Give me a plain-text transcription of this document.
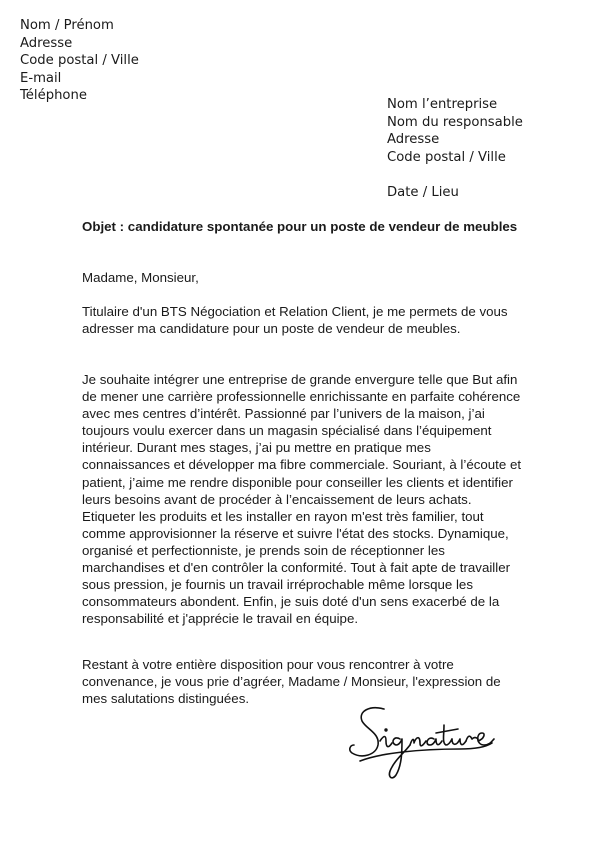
Nom / Prénom
Adresse
Code postal / Ville
E-mail
Téléphone
Nom l’entreprise
Nom du responsable
Adresse
Code postal / Ville
Date / Lieu
Objet : candidature spontanée pour un poste de vendeur de meubles
Madame, Monsieur,
Titulaire d'un BTS Négociation et Relation Client, je me permets de vous adresser ma candidature pour un poste de vendeur de meubles.
Je souhaite intégrer une entreprise de grande envergure telle que But afin de mener une carrière professionnelle enrichissante en parfaite cohérence avec mes centres d’intérêt. Passionné par l’univers de la maison, j’ai toujours voulu exercer dans un magasin spécialisé dans l’équipement intérieur. Durant mes stages, j’ai pu mettre en pratique mes connaissances et développer ma fibre commerciale. Souriant, à l’écoute et patient, j’aime me rendre disponible pour conseiller les clients et identifier leurs besoins avant de procéder à l’encaissement de leurs achats. Etiqueter les produits et les installer en rayon m'est très familier, tout comme approvisionner la réserve et suivre l'état des stocks. Dynamique, organisé et perfectionniste, je prends soin de réceptionner les marchandises et d'en contrôler la conformité. Tout à fait apte de travailler sous pression, je fournis un travail irréprochable même lorsque les consommateurs abondent. Enfin, je suis doté d'un sens exacerbé de la responsabilité et j'apprécie le travail en équipe.
Restant à votre entière disposition pour vous rencontrer à votre convenance, je vous prie d’agréer, Madame / Monsieur, l'expression de mes salutations distinguées.
